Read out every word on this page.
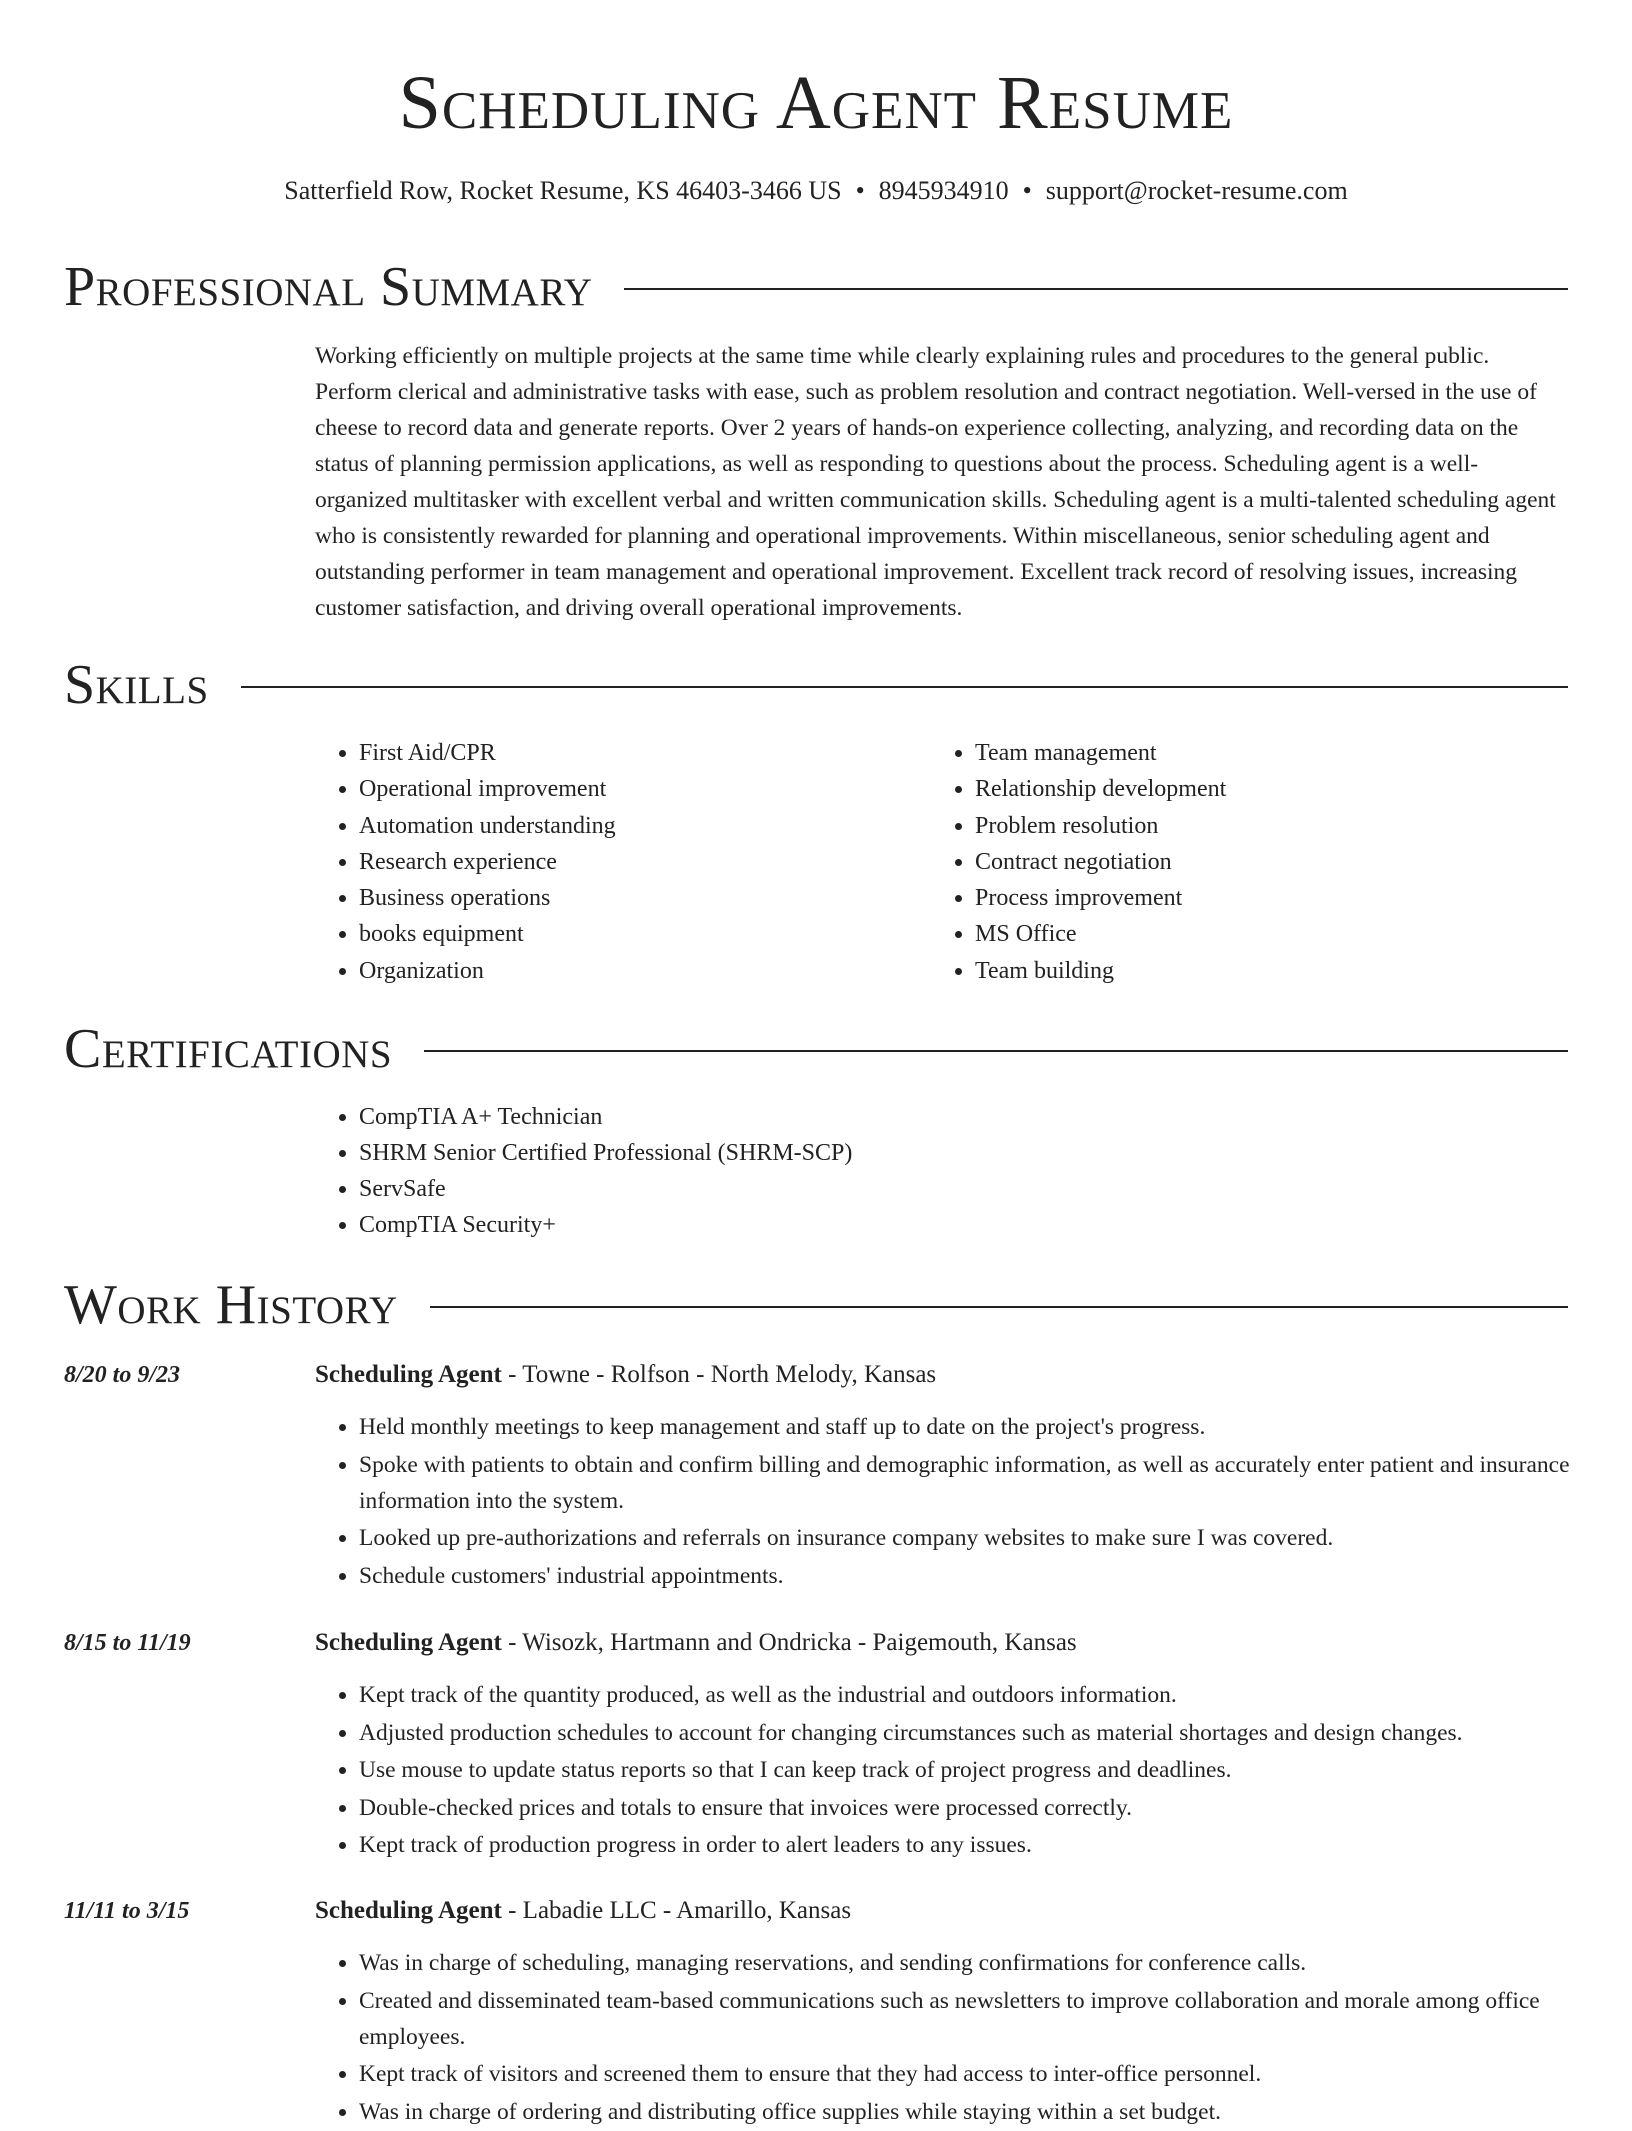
Scheduling Agent Resume
Satterfield Row, Rocket Resume, KS 46403-3466 US • 8945934910 • support@rocket-resume.com
Professional Summary

Working efficiently on multiple projects at the same time while clearly explaining rules and procedures to the general public. Perform clerical and administrative tasks with ease, such as problem resolution and contract negotiation. Well-versed in the use of cheese to record data and generate reports. Over 2 years of hands-on experience collecting, analyzing, and recording data on the status of planning permission applications, as well as responding to questions about the process. Scheduling agent is a well-organized multitasker with excellent verbal and written communication skills. Scheduling agent is a multi-talented scheduling agent who is consistently rewarded for planning and operational improvements. Within miscellaneous, senior scheduling agent and outstanding performer in team management and operational improvement. Excellent track record of resolving issues, increasing customer satisfaction, and driving overall operational improvements.

Skills
• First Aid/CPR
• Operational improvement
• Automation understanding
• Research experience
• Business operations
• books equipment
• Organization
• Team management
• Relationship development
• Problem resolution
• Contract negotiation
• Process improvement
• MS Office
• Team building
Certifications
• CompTIA A+ Technician
• SHRM Senior Certified Professional (SHRM-SCP)
• ServSafe
• CompTIA Security+
Work History
8/20 to 9/23	Scheduling Agent - Towne - Rolfson - North Melody, Kansas
• Held monthly meetings to keep management and staff up to date on the project's progress.
• Spoke with patients to obtain and confirm billing and demographic information, as well as accurately enter patient and insurance information into the system.
• Looked up pre-authorizations and referrals on insurance company websites to make sure I was covered.
• Schedule customers' industrial appointments.
8/15 to 11/19	Scheduling Agent - Wisozk, Hartmann and Ondricka - Paigemouth, Kansas
• Kept track of the quantity produced, as well as the industrial and outdoors information.
• Adjusted production schedules to account for changing circumstances such as material shortages and design changes.
• Use mouse to update status reports so that I can keep track of project progress and deadlines.
• Double-checked prices and totals to ensure that invoices were processed correctly.
• Kept track of production progress in order to alert leaders to any issues.
11/11 to 3/15	Scheduling Agent - Labadie LLC - Amarillo, Kansas
• Was in charge of scheduling, managing reservations, and sending confirmations for conference calls.
• Created and disseminated team-based communications such as newsletters to improve collaboration and morale among office employees.
• Kept track of visitors and screened them to ensure that they had access to inter-office personnel.
• Was in charge of ordering and distributing office supplies while staying within a set budget.
